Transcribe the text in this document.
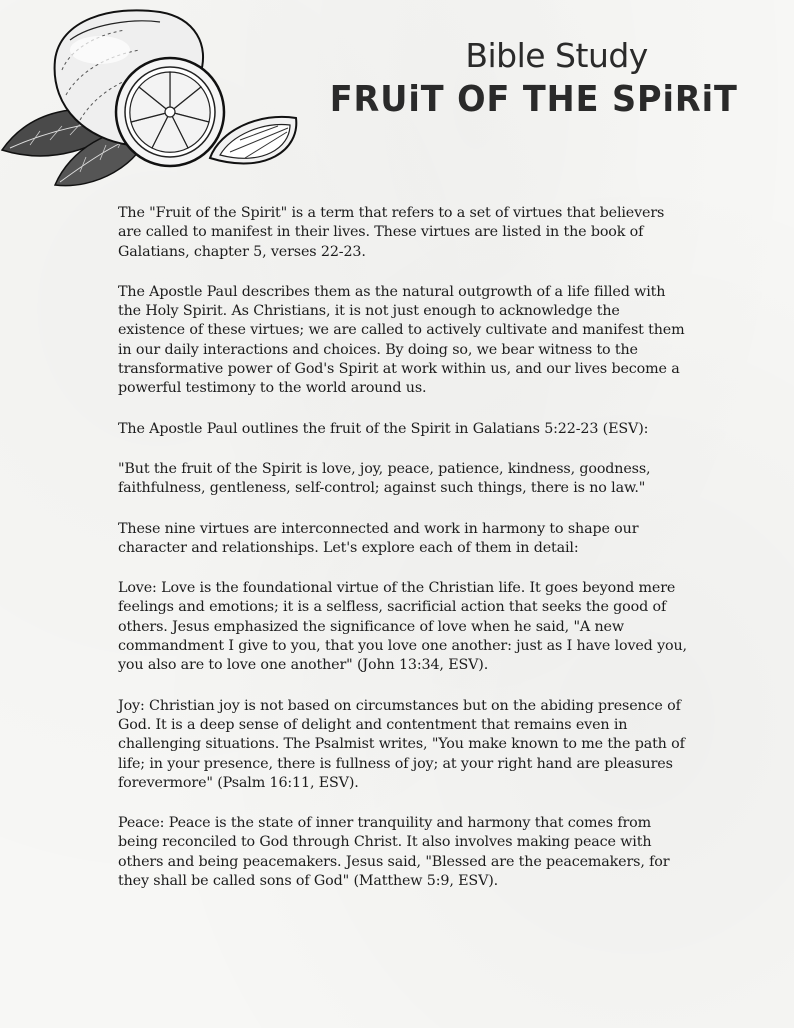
Bible Study
FRUiT OF THE SPiRiT

The "Fruit of the Spirit" is a term that refers to a set of virtues that believers are called to manifest in their lives. These virtues are listed in the book of Galatians, chapter 5, verses 22-23.

The Apostle Paul describes them as the natural outgrowth of a life filled with the Holy Spirit. As Christians, it is not just enough to acknowledge the existence of these virtues; we are called to actively cultivate and manifest them in our daily interactions and choices. By doing so, we bear witness to the transformative power of God's Spirit at work within us, and our lives become a powerful testimony to the world around us.

The Apostle Paul outlines the fruit of the Spirit in Galatians 5:22-23 (ESV):

"But the fruit of the Spirit is love, joy, peace, patience, kindness, goodness, faithfulness, gentleness, self-control; against such things, there is no law."

These nine virtues are interconnected and work in harmony to shape our character and relationships. Let's explore each of them in detail:

Love: Love is the foundational virtue of the Christian life. It goes beyond mere feelings and emotions; it is a selfless, sacrificial action that seeks the good of others. Jesus emphasized the significance of love when he said, "A new commandment I give to you, that you love one another: just as I have loved you, you also are to love one another" (John 13:34, ESV).

Joy: Christian joy is not based on circumstances but on the abiding presence of God. It is a deep sense of delight and contentment that remains even in challenging situations. The Psalmist writes, "You make known to me the path of life; in your presence, there is fullness of joy; at your right hand are pleasures forevermore" (Psalm 16:11, ESV).

Peace: Peace is the state of inner tranquility and harmony that comes from being reconciled to God through Christ. It also involves making peace with others and being peacemakers. Jesus said, "Blessed are the peacemakers, for they shall be called sons of God" (Matthew 5:9, ESV).
